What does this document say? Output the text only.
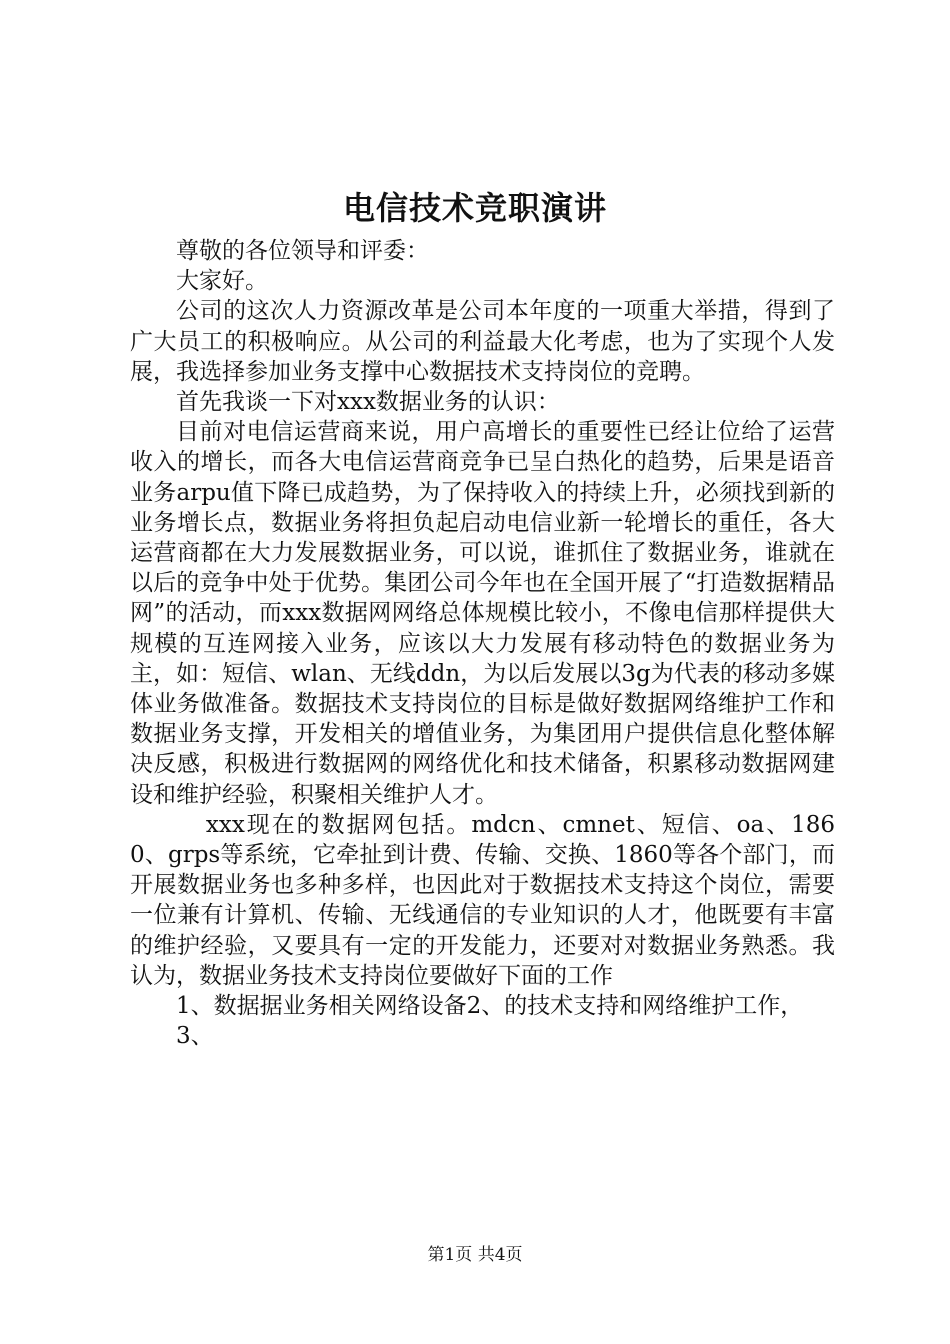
电信技术竞职演讲

尊敬的各位领导和评委：

大家好。

公司的这次人力资源改革是公司本年度的一项重大举措，得到了广大员工的积极响应。从公司的利益最大化考虑，也为了实现个人发展，我选择参加业务支撑中心数据技术支持岗位的竞聘。

首先我谈一下对xxx数据业务的认识：

目前对电信运营商来说，用户高增长的重要性已经让位给了运营收入的增长，而各大电信运营商竞争已呈白热化的趋势，后果是语音业务arpu值下降已成趋势，为了保持收入的持续上升，必须找到新的业务增长点，数据业务将担负起启动电信业新一轮增长的重任，各大运营商都在大力发展数据业务，可以说，谁抓住了数据业务，谁就在以后的竞争中处于优势。集团公司今年也在全国开展了“打造数据精品网”的活动，而xxx数据网网络总体规模比较小，不像电信那样提供大规模的互连网接入业务，应该以大力发展有移动特色的数据业务为主，如：短信、wlan、无线ddn，为以后发展以3g为代表的移动多媒体业务做准备。数据技术支持岗位的目标是做好数据网络维护工作和数据业务支撑，开发相关的增值业务，为集团用户提供信息化整体解决反感，积极进行数据网的网络优化和技术储备，积累移动数据网建设和维护经验，积聚相关维护人才。

xxx现在的数据网包括。mdcn、cmnet、短信、oa、1860、grps等系统，它牵扯到计费、传输、交换、1860等各个部门，而开展数据业务也多种多样，也因此对于数据技术支持这个岗位，需要一位兼有计算机、传输、无线通信的专业知识的人才，他既要有丰富的维护经验，又要具有一定的开发能力，还要对对数据业务熟悉。我认为，数据业务技术支持岗位要做好下面的工作

1、数据据业务相关网络设备2、的技术支持和网络维护工作，

3、

第1页 共4页
